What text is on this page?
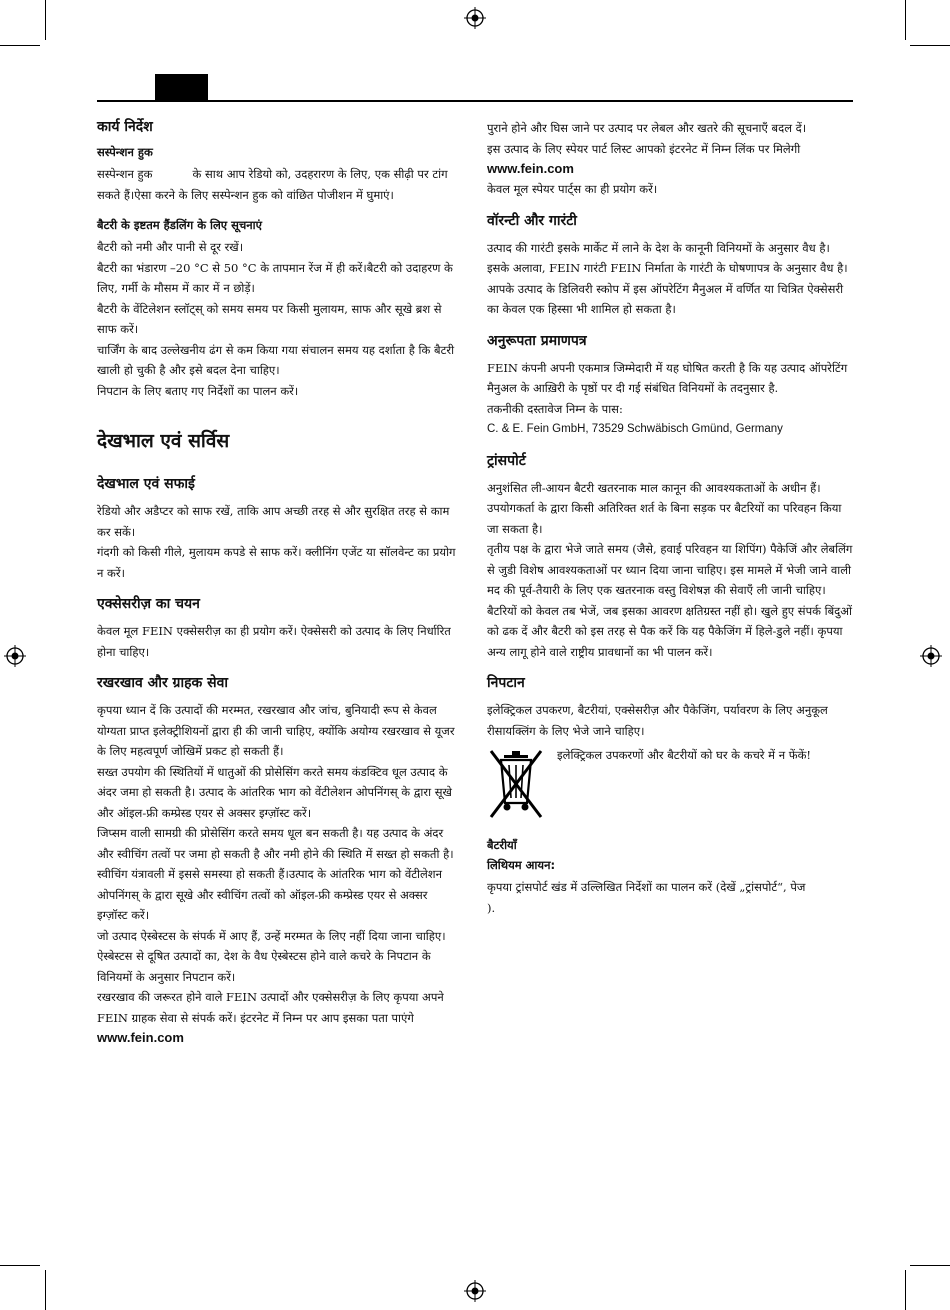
कार्य निर्देश
सस्पेन्शन हुक

सस्पेन्शन हुक	के साथ आप रेडियो को, उदहरारण के लिए, एक सीढ़ी पर टांग सकते हैं।ऐसा करने के लिए सस्पेन्शन हुक को वांछित पोजीशन में घुमाएं।

बैटरी के इष्टतम हैंडलिंग के लिए सूचनाएं

बैटरी को नमी और पानी से दूर रखें।

बैटरी का भंडारण –20 °C से 50 °C के तापमान रेंज में ही करें।बैटरी को उदाहरण के लिए, गर्मी के मौसम में कार में न छोड़ें।

बैटरी के वेंटिलेशन स्लॉट्स् को समय समय पर किसी मुलायम, साफ और सूखे ब्रश से साफ करें।

चार्जिंग के बाद उल्लेखनीय ढंग से कम किया गया संचालन समय यह दर्शाता है कि बैटरी खाली हो चुकी है और इसे बदल देना चाहिए।

निपटान के लिए बताए गए निर्देशों का पालन करें।

देखभाल एवं सर्विस
देखभाल एवं सफाई

रेडियो और अडैप्टर को साफ रखें, ताकि आप अच्छी तरह से और सुरक्षित तरह से काम कर सकें।

गंदगी को किसी गीले, मुलायम कपडे से साफ करें। क्लीनिंग एजेंट या सॉलवेन्ट का प्रयोग न करें।

एक्सेसरीज़ का चयन

केवल मूल FEIN एक्सेसरीज़ का ही प्रयोग करें। ऐक्सेसरी को उत्पाद के लिए निर्धारित होना चाहिए।

रखरखाव और ग्राहक सेवा

कृपया ध्यान दें कि उत्पादों की मरम्मत, रखरखाव और जांच, बुनियादी रूप से केवल योग्यता प्राप्त इलेक्ट्रीशियनों द्वारा ही की जानी चाहिए, क्योंकि अयोग्य रखरखाव से यूजर के लिए महत्वपूर्ण जोखिमें प्रकट हो सकती हैं।

सख्त उपयोग की स्थितियों में धातुओं की प्रोसेसिंग करते समय कंडक्टिव धूल उत्पाद के अंदर जमा हो सकती है। उत्पाद के आंतरिक भाग को वेंटीलेशन ओपनिंगस् के द्वारा सूखे और ऑइल-फ्री कम्प्रेस्ड एयर से अक्सर इग्ज़ॉस्ट करें।

जिप्सम वाली सामग्री की प्रोसेसिंग करते समय धूल बन सकती है। यह उत्पाद के अंदर और स्वीचिंग तत्वों पर जमा हो सकती है और नमी होने की स्थिति में सख्त हो सकती है। स्वीचिंग यंत्रावली में इससे समस्या हो सकती हैं।उत्पाद के आंतरिक भाग को वेंटीलेशन ओपनिंगस् के द्वारा सूखे और स्वीचिंग तत्वों को ऑइल-फ्री कम्प्रेस्ड एयर से अक्सर इग्ज़ॉस्ट करें।

जो उत्पाद ऐस्बेस्टस के संपर्क में आए हैं, उन्हें मरम्मत के लिए नहीं दिया जाना चाहिए। ऐस्बेस्टस से दूषित उत्पादों का, देश के वैध ऐस्बेस्टस होने वाले कचरे के निपटान के विनियमों के अनुसार निपटान करें।

रखरखाव की जरूरत होने वाले FEIN उत्पादों और एक्सेसरीज़ के लिए कृपया अपने FEIN ग्राहक सेवा से संपर्क करें। इंटरनेट में निम्न पर आप इसका पता पाएंगे

www.fein.com

पुराने होने और घिस जाने पर उत्पाद पर लेबल और खतरे की सूचनाएँ बदल दें।

इस उत्पाद के लिए स्पेयर पार्ट लिस्ट आपको इंटरनेट में निम्न लिंक पर मिलेगी

www.fein.com

केवल मूल स्पेयर पार्ट्स का ही प्रयोग करें।

वॉरन्टी और गारंटी

उत्पाद की गारंटी इसके मार्केट में लाने के देश के कानूनी विनियमों के अनुसार वैध है। इसके अलावा, FEIN गारंटी FEIN निर्माता के गारंटी के घोषणापत्र के अनुसार वैध है। आपके उत्पाद के डिलिवरी स्कोप में इस ऑपरेटिंग मैनुअल में वर्णित या चित्रित ऐक्सेसरी का केवल एक हिस्सा भी शामिल हो सकता है।

अनुरूपता प्रमाणपत्र

FEIN कंपनी अपनी एकमात्र जिम्मेदारी में यह घोषित करती है कि यह उत्पाद ऑपरेटिंग मैनुअल के आख़िरी के पृष्ठों पर दी गई संबंधित विनियमों के तदनुसार है.

तकनीकी दस्तावेज निम्न के पास:

C. & E. Fein GmbH, 73529 Schwäbisch Gmünd, Germany

ट्रांसपोर्ट

अनुशंसित ली-आयन बैटरी खतरनाक माल कानून की आवश्यकताओं के अधीन हैं। उपयोगकर्ता के द्वारा किसी अतिरिक्त शर्त के बिना सड़क पर बैटरियों का परिवहन किया जा सकता है।

तृतीय पक्ष के द्वारा भेजे जाते समय (जैसे, हवाई परिवहन या शिपिंग) पैकेजिं और लेबलिंग से जुडी विशेष आवश्यकताओं पर ध्यान दिया जाना चाहिए। इस मामले में भेजी जाने वाली मद की पूर्व-तैयारी के लिए एक खतरनाक वस्तु विशेषज्ञ की सेवाएँ ली जानी चाहिए।

बैटरियों को केवल तब भेजें, जब इसका आवरण क्षतिग्रस्त नहीं हो। खुले हुए संपर्क बिंदुओं को ढक दें और बैटरी को इस तरह से पैक करें कि यह पैकेजिंग में हिले-डुले नहीं। कृपया अन्य लागू होने वाले राष्ट्रीय प्रावधानों का भी पालन करें।

निपटान

इलेक्ट्रिकल उपकरण, बैटरीयां, एक्सेसरीज़ और पैकेजिंग, पर्यावरण के लिए अनुकूल रीसायक्लिंग के लिए भेजे जाने चाहिए।

इलेक्ट्रिकल उपकरणों और बैटरीयों को घर के कचरे में न फेंकें!

बैटरीयाँ
लिथियम आयन:

कृपया ट्रांसपोर्ट खंड में उल्लिखित निर्देशों का पालन करें (देखें „ट्रांसपोर्ट“, पेज).
